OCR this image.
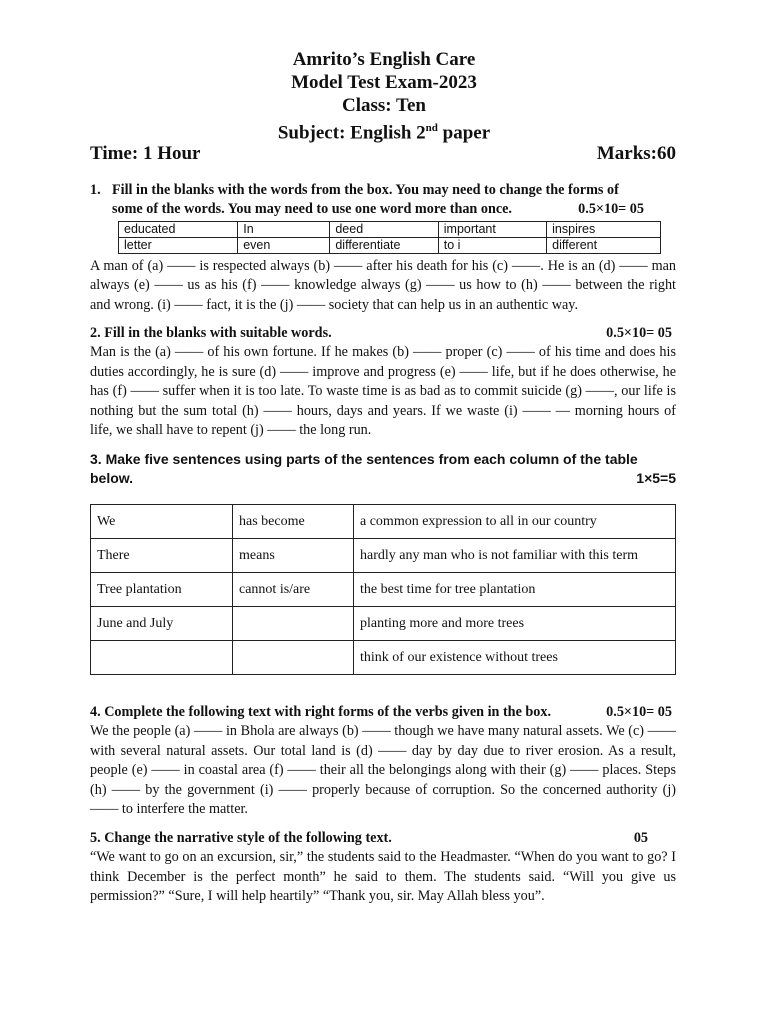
Amrito’s English Care
Model Test Exam-2023
Class: Ten
Subject: English 2nd paper
Time: 1 Hour	Marks:60
1. Fill in the blanks with the words from the box. You may need to change the forms of
some of the words. You may need to use one word more than once.	0.5×10= 05
educated	In	deed	important	inspires
letter	even	differentiate	to i	different
A man of (a) —— is respected always (b) —— after his death for his (c) ——. He is an (d) —— man always (e) —— us as his (f) —— knowledge always (g) —— us how to (h) —— between the right and wrong. (i) —— fact, it is the (j) —— society that can help us in an authentic way.
2. Fill in the blanks with suitable words.	0.5×10= 05
Man is the (a) —— of his own fortune. If he makes (b) —— proper (c) —— of his time and does his duties accordingly, he is sure (d) —— improve and progress (e) —— life, but if he does otherwise, he has (f) —— suffer when it is too late. To waste time is as bad as to commit suicide (g) ——, our life is nothing but the sum total (h) —— hours, days and years. If we waste (i) —— — morning hours of life, we shall have to repent (j) —— the long run.
3. Make five sentences using parts of the sentences from each column of the table below.	1×5=5
We	has become	a common expression to all in our country
There	means	hardly any man who is not familiar with this term
Tree plantation	cannot is/are	the best time for tree plantation
June and July		planting more and more trees
		think of our existence without trees
4. Complete the following text with right forms of the verbs given in the box.	0.5×10= 05
We the people (a) —— in Bhola are always (b) —— though we have many natural assets. We (c) —— with several natural assets. Our total land is (d) —— day by day due to river erosion. As a result, people (e) —— in coastal area (f) —— their all the belongings along with their (g) —— places. Steps (h) —— by the government (i) —— properly because of corruption. So the concerned authority (j) —— to interfere the matter.
5. Change the narrative style of the following text.	05
“We want to go on an excursion, sir,” the students said to the Headmaster. “When do you want to go? I think December is the perfect month” he said to them. The students said. “Will you give us permission?” “Sure, I will help heartily” “Thank you, sir. May Allah bless you”.
